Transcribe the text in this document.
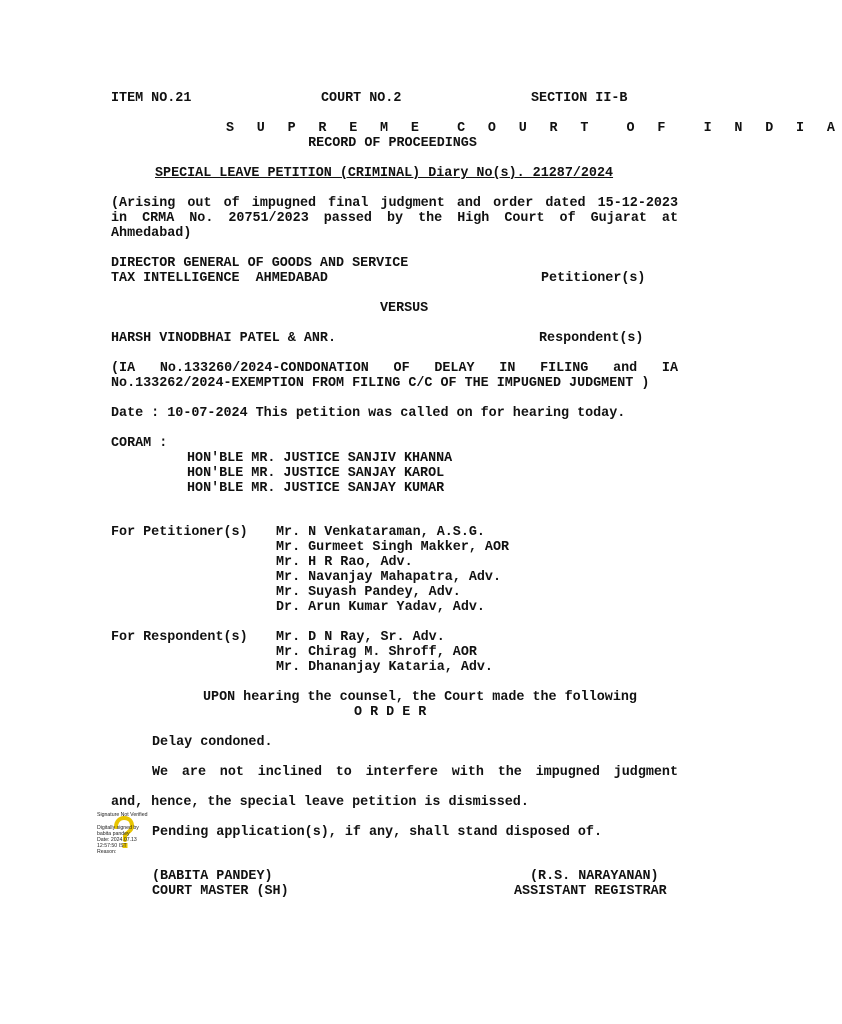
ITEM NO.21	COURT NO.2	SECTION II-B
S U P R E M E  C O U R T  O F  I N D I A
RECORD OF PROCEEDINGS
SPECIAL LEAVE PETITION (CRIMINAL) Diary No(s). 21287/2024
(Arising out of impugned final judgment and order dated 15-12-2023
in CRMA No. 20751/2023 passed by the High Court of Gujarat at
Ahmedabad)
DIRECTOR GENERAL OF GOODS AND SERVICE
TAX INTELLIGENCE  AHMEDABAD	Petitioner(s)
VERSUS
HARSH VINODBHAI PATEL & ANR.	Respondent(s)
(IA No.133260/2024-CONDONATION OF DELAY IN FILING and IA
No.133262/2024-EXEMPTION FROM FILING C/C OF THE IMPUGNED JUDGMENT )
Date : 10-07-2024 This petition was called on for hearing today.
CORAM :
HON'BLE MR. JUSTICE SANJIV KHANNA
HON'BLE MR. JUSTICE SANJAY KAROL
HON'BLE MR. JUSTICE SANJAY KUMAR
For Petitioner(s) Mr. N Venkataraman, A.S.G.
Mr. Gurmeet Singh Makker, AOR
Mr. H R Rao, Adv.
Mr. Navanjay Mahapatra, Adv.
Mr. Suyash Pandey, Adv.
Dr. Arun Kumar Yadav, Adv.
For Respondent(s) Mr. D N Ray, Sr. Adv.
Mr. Chirag M. Shroff, AOR
Mr. Dhananjay Kataria, Adv.
UPON hearing the counsel, the Court made the following
O R D E R
Delay condoned.
We are not inclined to interfere with the impugned judgment
and, hence, the special leave petition is dismissed.
Pending application(s), if any, shall stand disposed of.
Signature Not Verified
Digitally signed by
babita pandey
Date: 2024.07.13
12:57:50 IST
Reason:
(BABITA PANDEY)
COURT MASTER (SH)
(R.S. NARAYANAN)
ASSISTANT REGISTRAR
